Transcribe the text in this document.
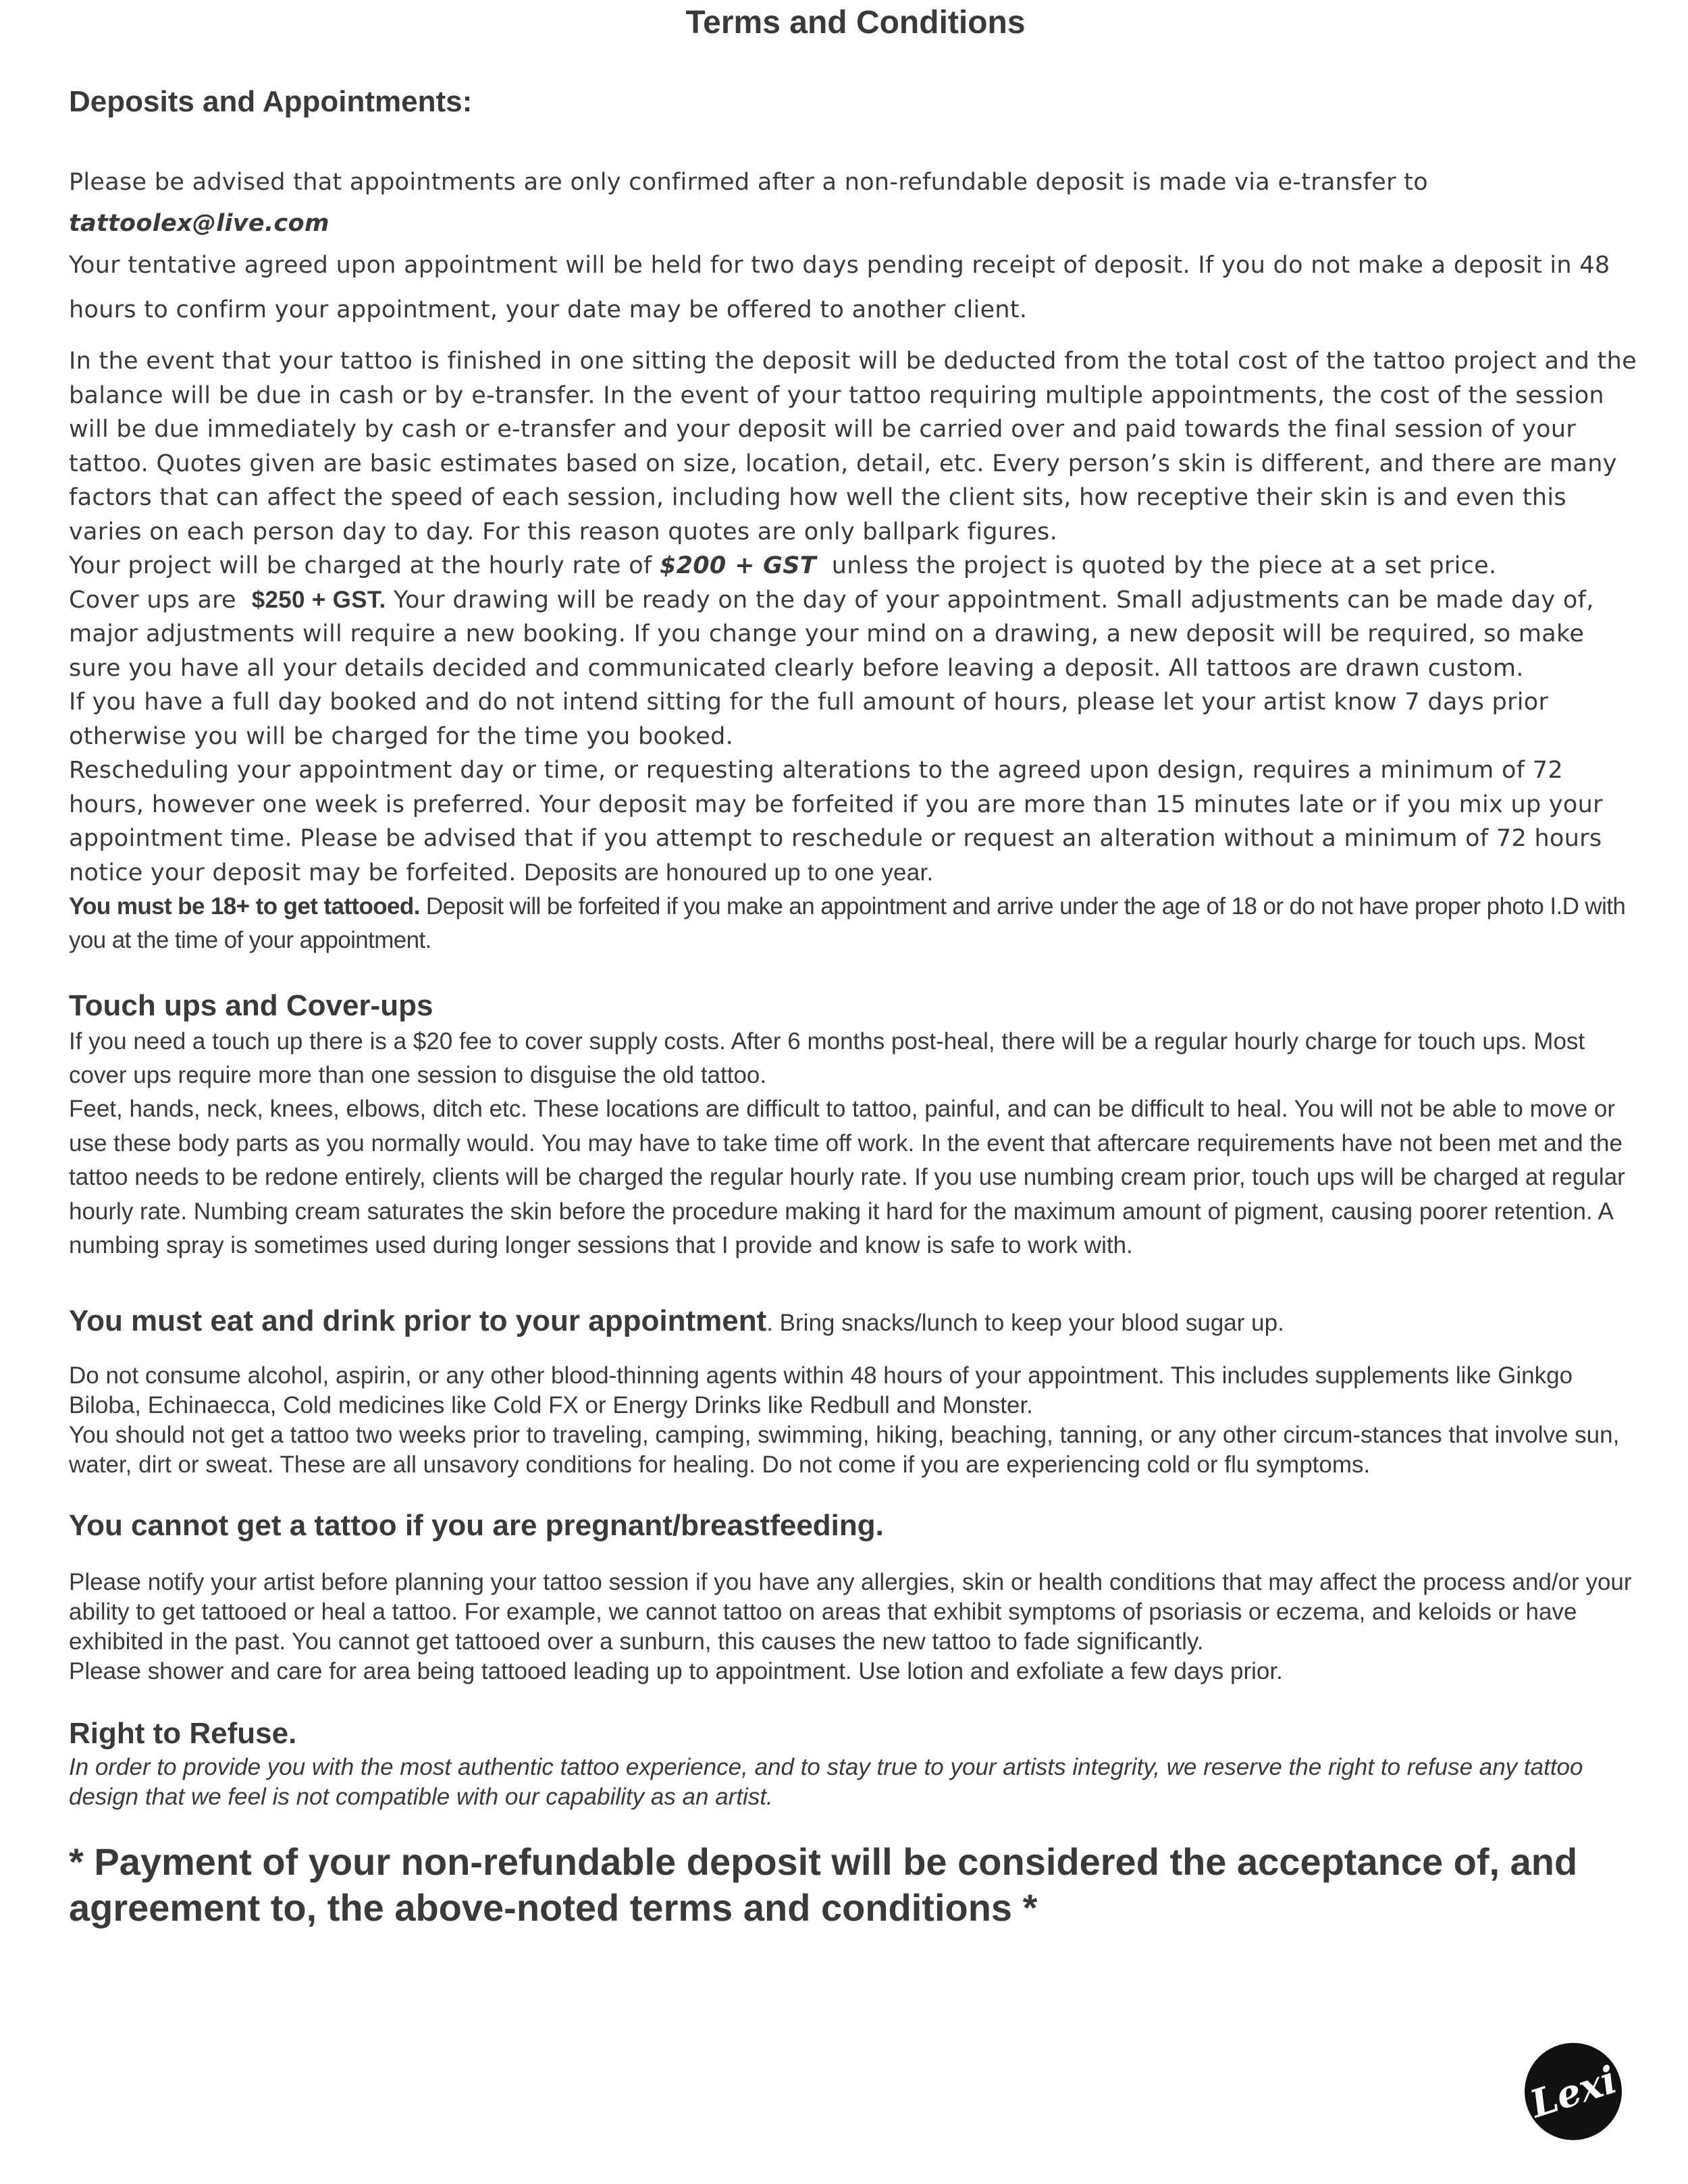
Terms and Conditions
Deposits and Appointments:

Please be advised that appointments are only confirmed after a non-refundable deposit is made via e-transfer to

tattoolex@live.com

Your tentative agreed upon appointment will be held for two days pending receipt of deposit. If you do not make a deposit in 48 hours to confirm your appointment, your date may be offered to another client.

In the event that your tattoo is finished in one sitting the deposit will be deducted from the total cost of the tattoo project and the balance will be due in cash or by e-transfer. In the event of your tattoo requiring multiple appointments, the cost of the session will be due immediately by cash or e-transfer and your deposit will be carried over and paid towards the final session of your tattoo. Quotes given are basic estimates based on size, location, detail, etc. Every person’s skin is different, and there are many factors that can affect the speed of each session, including how well the client sits, how receptive their skin is and even this varies on each person day to day. For this reason quotes are only ballpark figures.

Your project will be charged at the hourly rate of $200 + GST unless the project is quoted by the piece at a set price.

Cover ups are $250 + GST. Your drawing will be ready on the day of your appointment. Small adjustments can be made day of, major adjustments will require a new booking. If you change your mind on a drawing, a new deposit will be required, so make sure you have all your details decided and communicated clearly before leaving a deposit. All tattoos are drawn custom.

If you have a full day booked and do not intend sitting for the full amount of hours, please let your artist know 7 days prior otherwise you will be charged for the time you booked.

Rescheduling your appointment day or time, or requesting alterations to the agreed upon design, requires a minimum of 72 hours, however one week is preferred. Your deposit may be forfeited if you are more than 15 minutes late or if you mix up your appointment time. Please be advised that if you attempt to reschedule or request an alteration without a minimum of 72 hours notice your deposit may be forfeited. Deposits are honoured up to one year.

You must be 18+ to get tattooed. Deposit will be forfeited if you make an appointment and arrive under the age of 18 or do not have proper photo I.D with you at the time of your appointment.

Touch ups and Cover-ups

If you need a touch up there is a $20 fee to cover supply costs. After 6 months post-heal, there will be a regular hourly charge for touch ups. Most cover ups require more than one session to disguise the old tattoo.

Feet, hands, neck, knees, elbows, ditch etc. These locations are difficult to tattoo, painful, and can be difficult to heal. You will not be able to move or use these body parts as you normally would. You may have to take time off work. In the event that aftercare requirements have not been met and the tattoo needs to be redone entirely, clients will be charged the regular hourly rate. If you use numbing cream prior, touch ups will be charged at regular hourly rate. Numbing cream saturates the skin before the procedure making it hard for the maximum amount of pigment, causing poorer retention. A numbing spray is sometimes used during longer sessions that I provide and know is safe to work with.

You must eat and drink prior to your appointment. Bring snacks/lunch to keep your blood sugar up.

Do not consume alcohol, aspirin, or any other blood-thinning agents within 48 hours of your appointment. This includes supplements like Ginkgo Biloba, Echinaecca, Cold medicines like Cold FX or Energy Drinks like Redbull and Monster.

You should not get a tattoo two weeks prior to traveling, camping, swimming, hiking, beaching, tanning, or any other circum-stances that involve sun, water, dirt or sweat. These are all unsavory conditions for healing. Do not come if you are experiencing cold or flu symptoms.

You cannot get a tattoo if you are pregnant/breastfeeding.

Please notify your artist before planning your tattoo session if you have any allergies, skin or health conditions that may affect the process and/or your ability to get tattooed or heal a tattoo. For example, we cannot tattoo on areas that exhibit symptoms of psoriasis or eczema, and keloids or have exhibited in the past. You cannot get tattooed over a sunburn, this causes the new tattoo to fade significantly.

Please shower and care for area being tattooed leading up to appointment. Use lotion and exfoliate a few days prior.

Right to Refuse.

In order to provide you with the most authentic tattoo experience, and to stay true to your artists integrity, we reserve the right to refuse any tattoo design that we feel is not compatible with our capability as an artist.

* Payment of your non-refundable deposit will be considered the acceptance of, and agreement to, the above-noted terms and conditions *

Lexi
